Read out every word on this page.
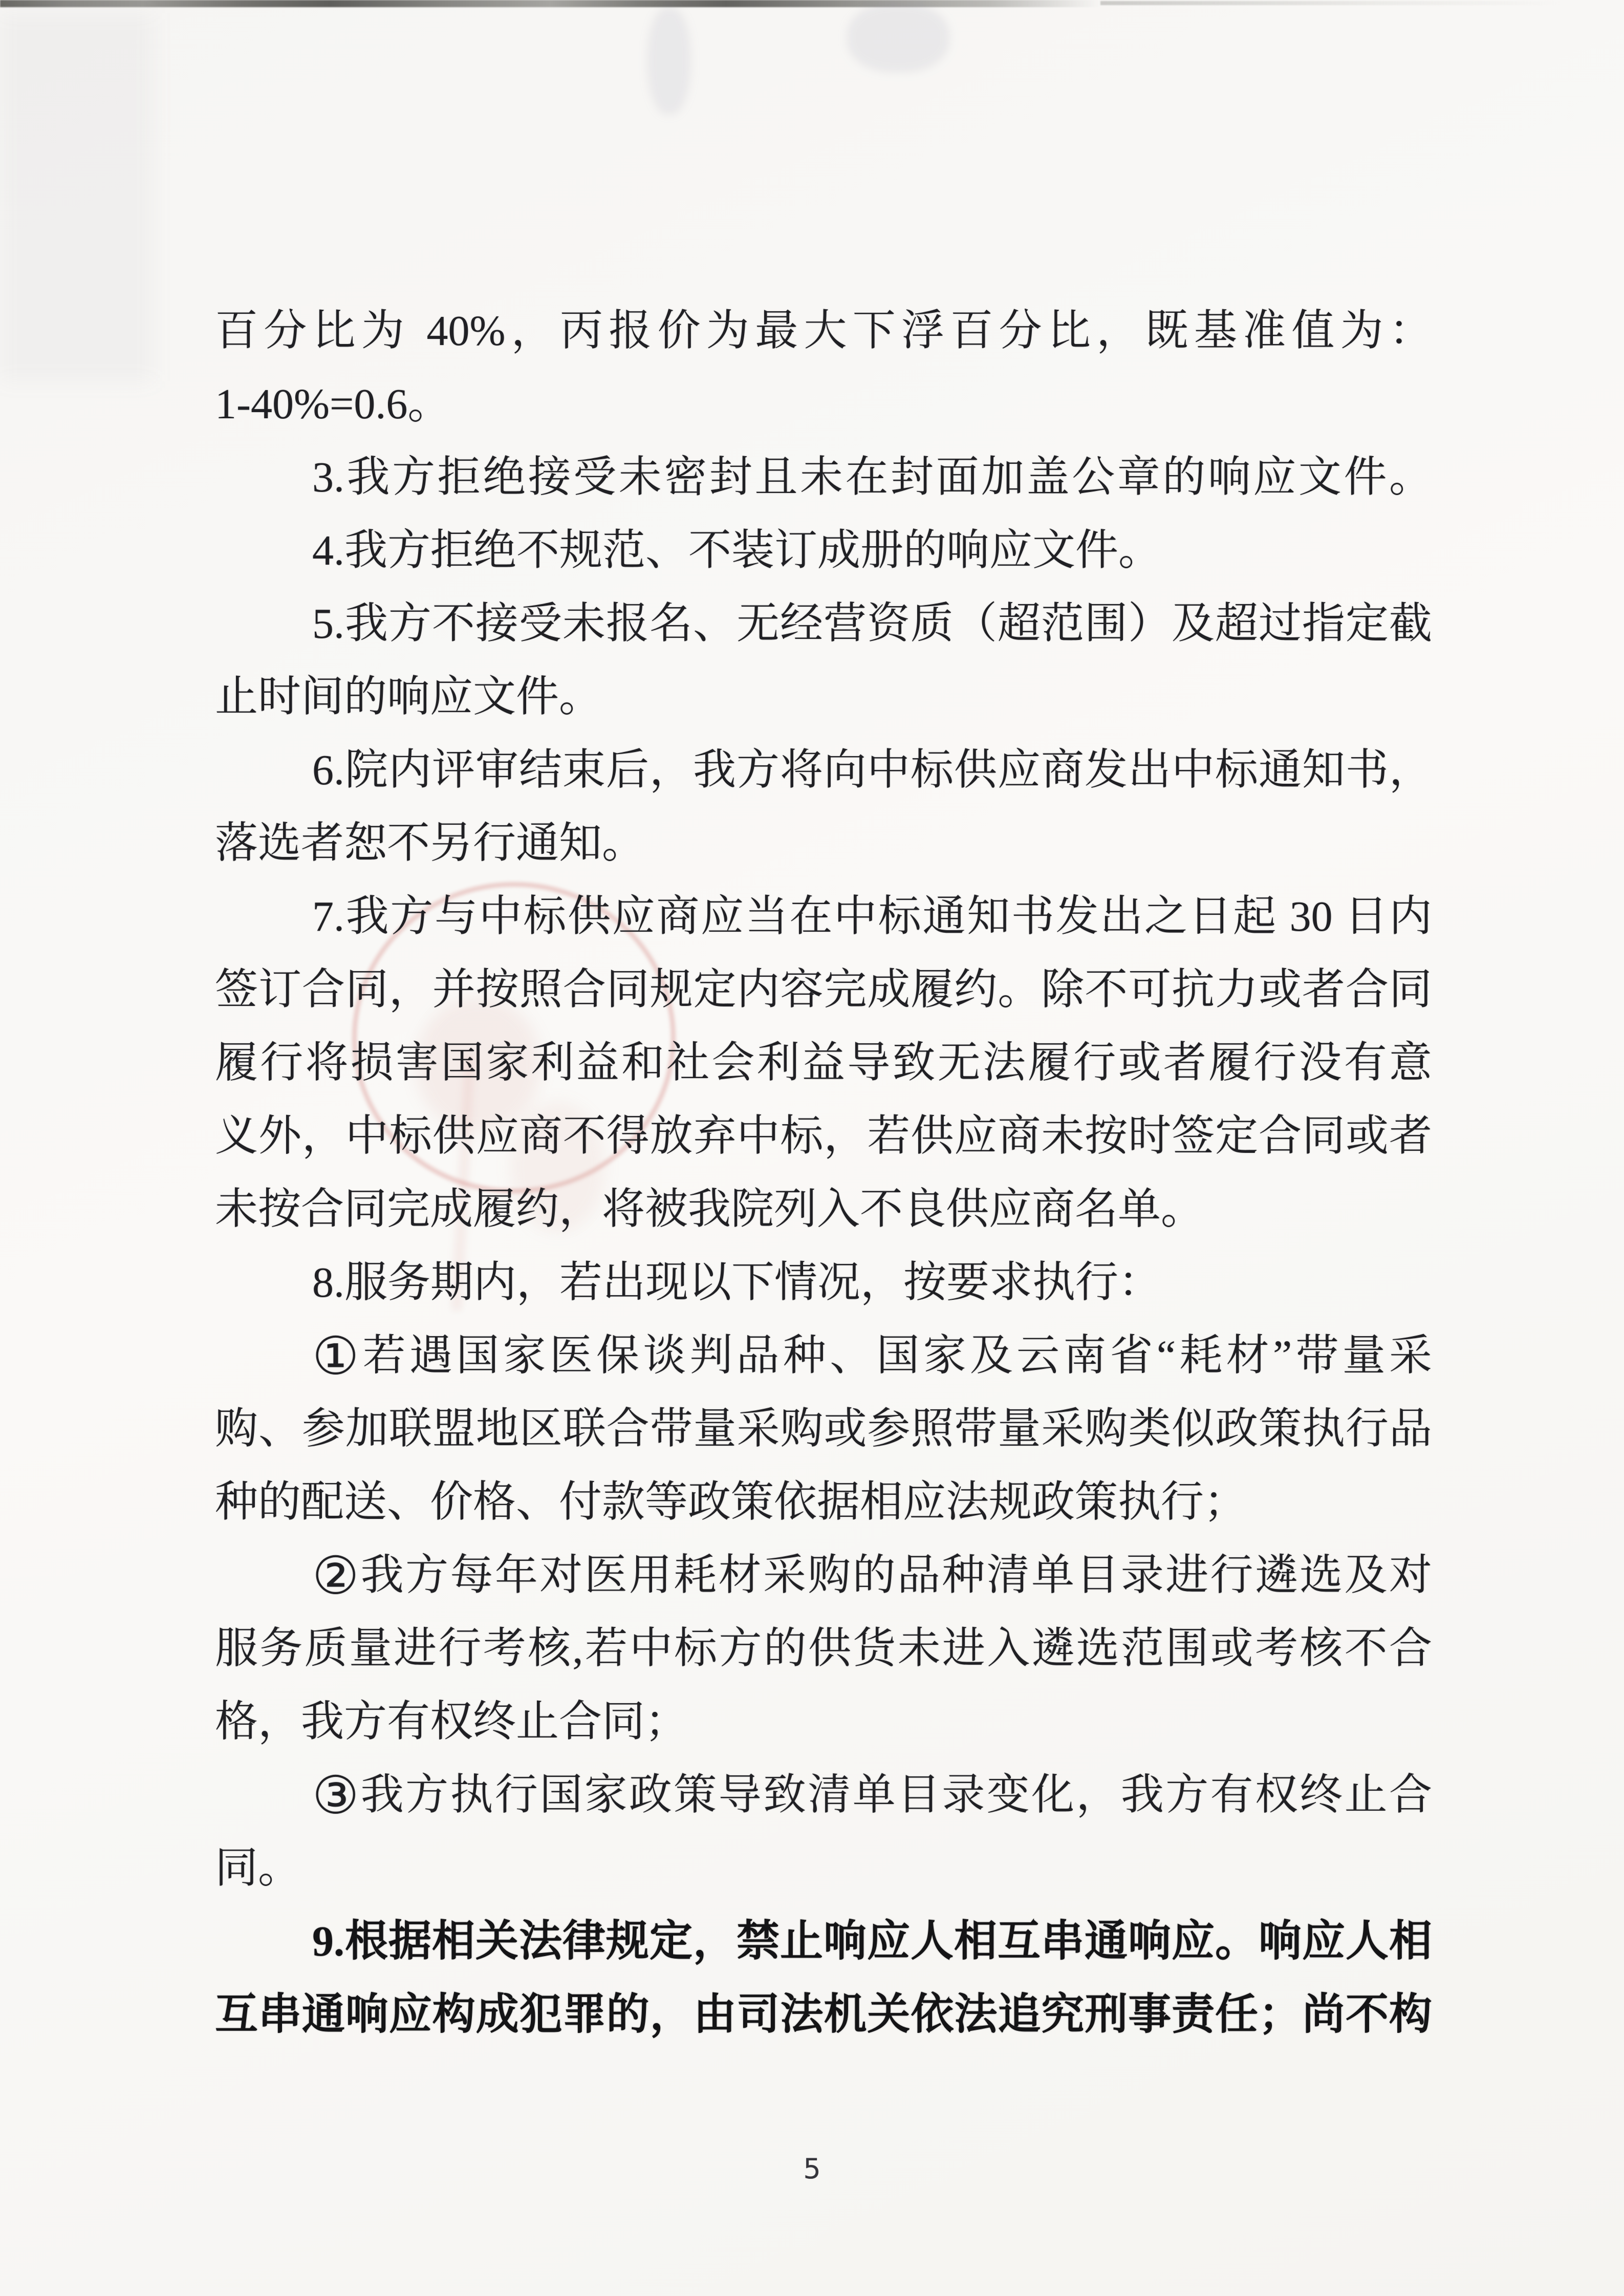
百分比为 40%，丙报价为最大下浮百分比，既基准值为：
1-40%=0.6。
3.我方拒绝接受未密封且未在封面加盖公章的响应文件。
4.我方拒绝不规范、不装订成册的响应文件。
5.我方不接受未报名、无经营资质（超范围）及超过指定截
止时间的响应文件。
6.院内评审结束后，我方将向中标供应商发出中标通知书，
落选者恕不另行通知。
7.我方与中标供应商应当在中标通知书发出之日起 30 日内
签订合同，并按照合同规定内容完成履约。除不可抗力或者合同
履行将损害国家利益和社会利益导致无法履行或者履行没有意
义外，中标供应商不得放弃中标，若供应商未按时签定合同或者
未按合同完成履约，将被我院列入不良供应商名单。
8.服务期内，若出现以下情况，按要求执行：
①若遇国家医保谈判品种、国家及云南省“耗材”带量采
购、参加联盟地区联合带量采购或参照带量采购类似政策执行品
种的配送、价格、付款等政策依据相应法规政策执行；
②我方每年对医用耗材采购的品种清单目录进行遴选及对
服务质量进行考核,若中标方的供货未进入遴选范围或考核不合
格，我方有权终止合同；
③我方执行国家政策导致清单目录变化，我方有权终止合
同。
9.根据相关法律规定，禁止响应人相互串通响应。响应人相
互串通响应构成犯罪的，由司法机关依法追究刑事责任；尚不构
5
